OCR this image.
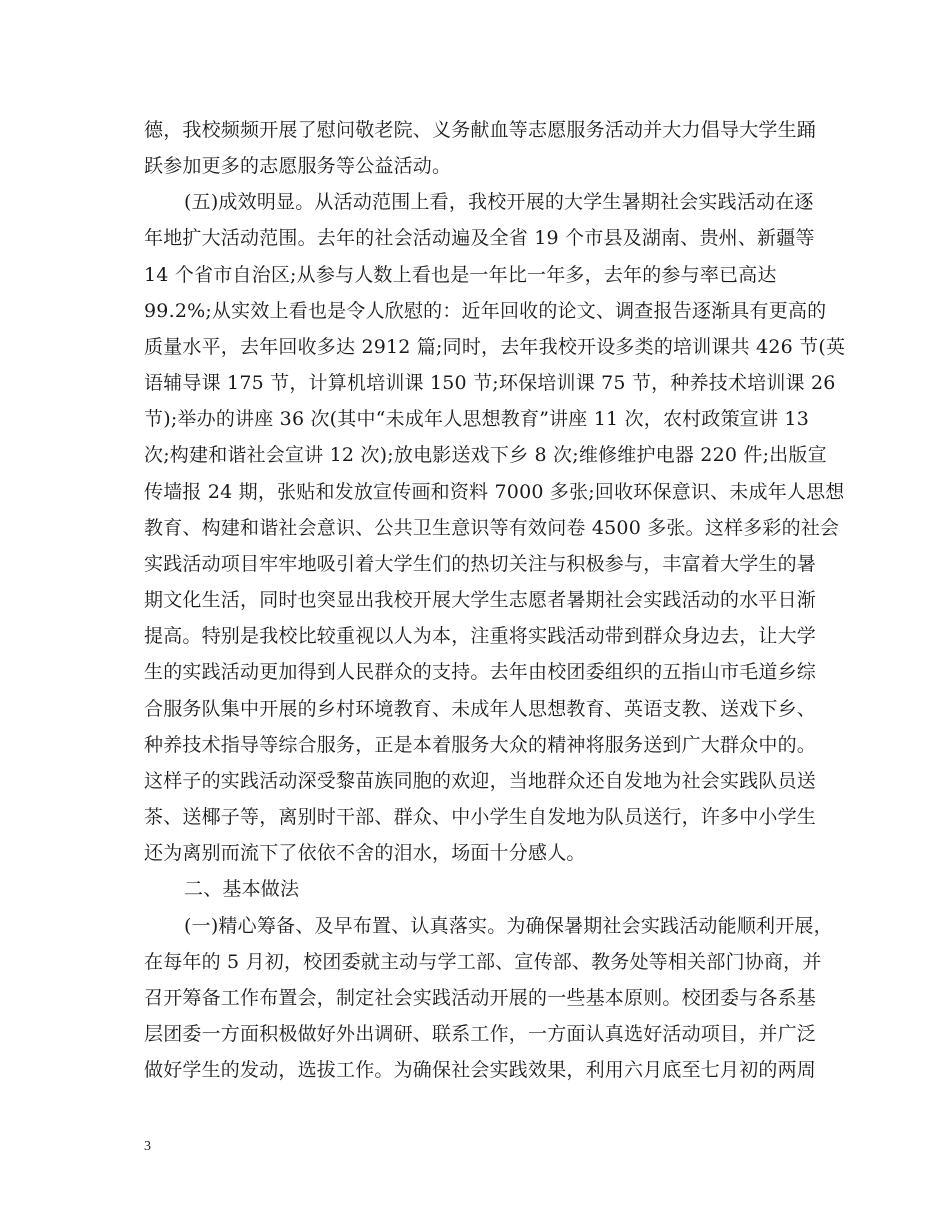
德，我校频频开展了慰问敬老院、义务献血等志愿服务活动并大力倡导大学生踊
跃参加更多的志愿服务等公益活动。
(五)成效明显。从活动范围上看，我校开展的大学生暑期社会实践活动在逐
年地扩大活动范围。去年的社会活动遍及全省 19 个市县及湖南、贵州、新疆等
14 个省市自治区;从参与人数上看也是一年比一年多，去年的参与率已高达
99.2%;从实效上看也是令人欣慰的：近年回收的论文、调查报告逐渐具有更高的
质量水平，去年回收多达 2912 篇;同时，去年我校开设多类的培训课共 426 节(英
语辅导课 175 节，计算机培训课 150 节;环保培训课 75 节，种养技术培训课 26
节);举办的讲座 36 次(其中“未成年人思想教育”讲座 11 次，农村政策宣讲 13
次;构建和谐社会宣讲 12 次);放电影送戏下乡 8 次;维修维护电器 220 件;出版宣
传墙报 24 期，张贴和发放宣传画和资料 7000 多张;回收环保意识、未成年人思想
教育、构建和谐社会意识、公共卫生意识等有效问卷 4500 多张。这样多彩的社会
实践活动项目牢牢地吸引着大学生们的热切关注与积极参与，丰富着大学生的暑
期文化生活，同时也突显出我校开展大学生志愿者暑期社会实践活动的水平日渐
提高。特别是我校比较重视以人为本，注重将实践活动带到群众身边去，让大学
生的实践活动更加得到人民群众的支持。去年由校团委组织的五指山市毛道乡综
合服务队集中开展的乡村环境教育、未成年人思想教育、英语支教、送戏下乡、
种养技术指导等综合服务，正是本着服务大众的精神将服务送到广大群众中的。
这样子的实践活动深受黎苗族同胞的欢迎，当地群众还自发地为社会实践队员送
茶、送椰子等，离别时干部、群众、中小学生自发地为队员送行，许多中小学生
还为离别而流下了依依不舍的泪水，场面十分感人。
二、基本做法
(一)精心筹备、及早布置、认真落实。为确保暑期社会实践活动能顺利开展，
在每年的 5 月初，校团委就主动与学工部、宣传部、教务处等相关部门协商，并
召开筹备工作布置会，制定社会实践活动开展的一些基本原则。校团委与各系基
层团委一方面积极做好外出调研、联系工作，一方面认真选好活动项目，并广泛
做好学生的发动，选拔工作。为确保社会实践效果，利用六月底至七月初的两周
3
